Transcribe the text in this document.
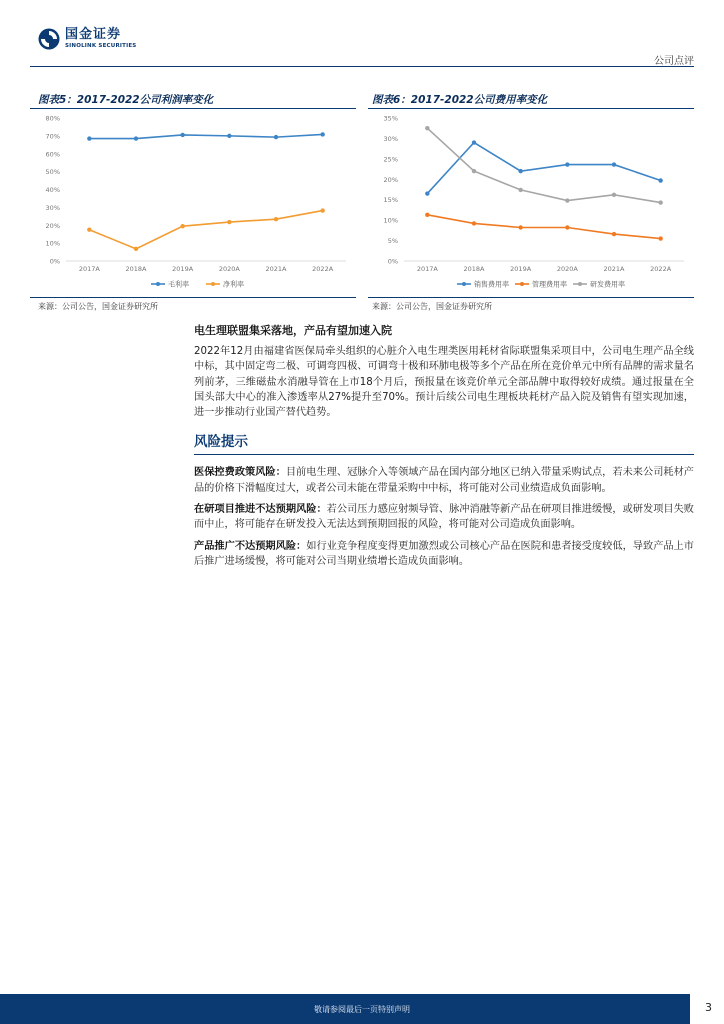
国金证券
SINOLINK SECURITIES
公司点评
图表5：2017-2022公司利润率变化
0%
10%
20%
30%
40%
50%
60%
70%
80%
2017A	2018A	2019A	2020A	2021A	2022A
毛利率	净利率
来源：公司公告，国金证券研究所
图表6：2017-2022公司费用率变化
0%
5%
10%
15%
20%
25%
30%
35%
2017A	2018A	2019A	2020A	2021A	2022A
销售费用率	管理费用率	研发费用率
来源：公司公告，国金证券研究所

电生理联盟集采落地，产品有望加速入院

2022年12月由福建省医保局牵头组织的心脏介入电生理类医用耗材省际联盟集采项目中，公司电生理产品全线中标，其中固定弯二极、可调弯四极、可调弯十极和环肺电极等多个产品在所在竞价单元中所有品牌的需求量名列前茅，三维磁盐水消融导管在上市18个月后，预报量在该竞价单元全部品牌中取得较好成绩。通过报量在全国头部大中心的准入渗透率从27%提升至70%。预计后续公司电生理板块耗材产品入院及销售有望实现加速，进一步推动行业国产替代趋势。

风险提示

医保控费政策风险：目前电生理、冠脉介入等领域产品在国内部分地区已纳入带量采购试点，若未来公司耗材产品的价格下滑幅度过大，或者公司未能在带量采购中中标，将可能对公司业绩造成负面影响。

在研项目推进不达预期风险：若公司压力感应射频导管、脉冲消融等新产品在研项目推进缓慢，或研发项目失败而中止，将可能存在研发投入无法达到预期回报的风险，将可能对公司造成负面影响。

产品推广不达预期风险：如行业竞争程度变得更加激烈或公司核心产品在医院和患者接受度较低，导致产品上市后推广进场缓慢，将可能对公司当期业绩增长造成负面影响。

敬请参阅最后一页特别声明	3
